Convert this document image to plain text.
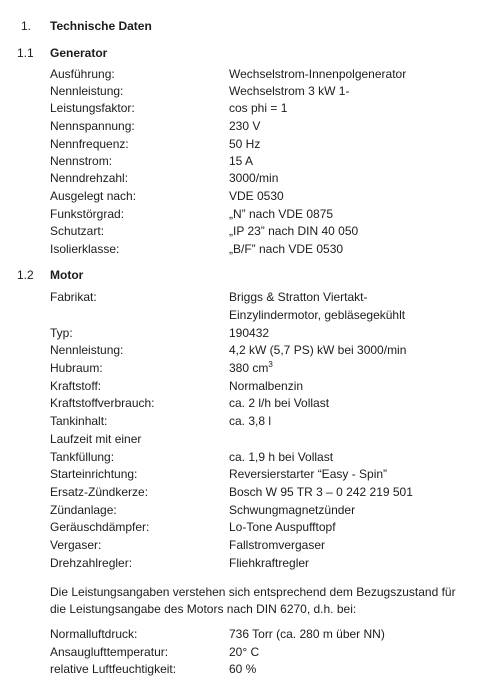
1. Technische Daten
1.1 Generator
Ausführung:	Wechselstrom-Innenpolgenerator
Nennleistung:	Wechselstrom 3 kW 1-
Leistungsfaktor:	cos phi = 1
Nennspannung:	230 V
Nennfrequenz:	50 Hz
Nennstrom:	15 A
Nenndrehzahl:	3000/min
Ausgelegt nach:	VDE 0530
Funkstörgrad:	„N” nach VDE 0875
Schutzart:	„IP 23” nach DIN 40 050
Isolierklasse:	„B/F” nach VDE 0530
1.2 Motor
Fabrikat:	Briggs & Stratton Viertakt-
Einzylindermotor, gebläsegekühlt
Typ:	190432
Nennleistung:	4,2 kW (5,7 PS) kW bei 3000/min
Hubraum:	380 $cm^3$
Kraftstoff:	Normalbenzin
Kraftstoffverbrauch:	ca. 2 l/h bei Vollast
Tankinhalt:	ca. 3,8 l
Laufzeit mit einer
Tankfüllung:	ca. 1,9 h bei Vollast
Starteinrichtung:	Reversierstarter “Easy - Spin”
Ersatz-Zündkerze:	Bosch W 95 TR 3 – 0 242 219 501
Zündanlage:	Schwungmagnetzünder
Geräuschdämpfer:	Lo-Tone Auspufftopf
Vergaser:	Fallstromvergaser
Drehzahlregler:	Fliehkraftregler
Die Leistungsangaben verstehen sich entsprechend dem Bezugszustand für
die Leistungsangabe des Motors nach DIN 6270, d.h. bei:
Normalluftdruck:	736 Torr (ca. 280 m über NN)
Ansauglufttemperatur:	20° C
relative Luftfeuchtigkeit:	60 %
